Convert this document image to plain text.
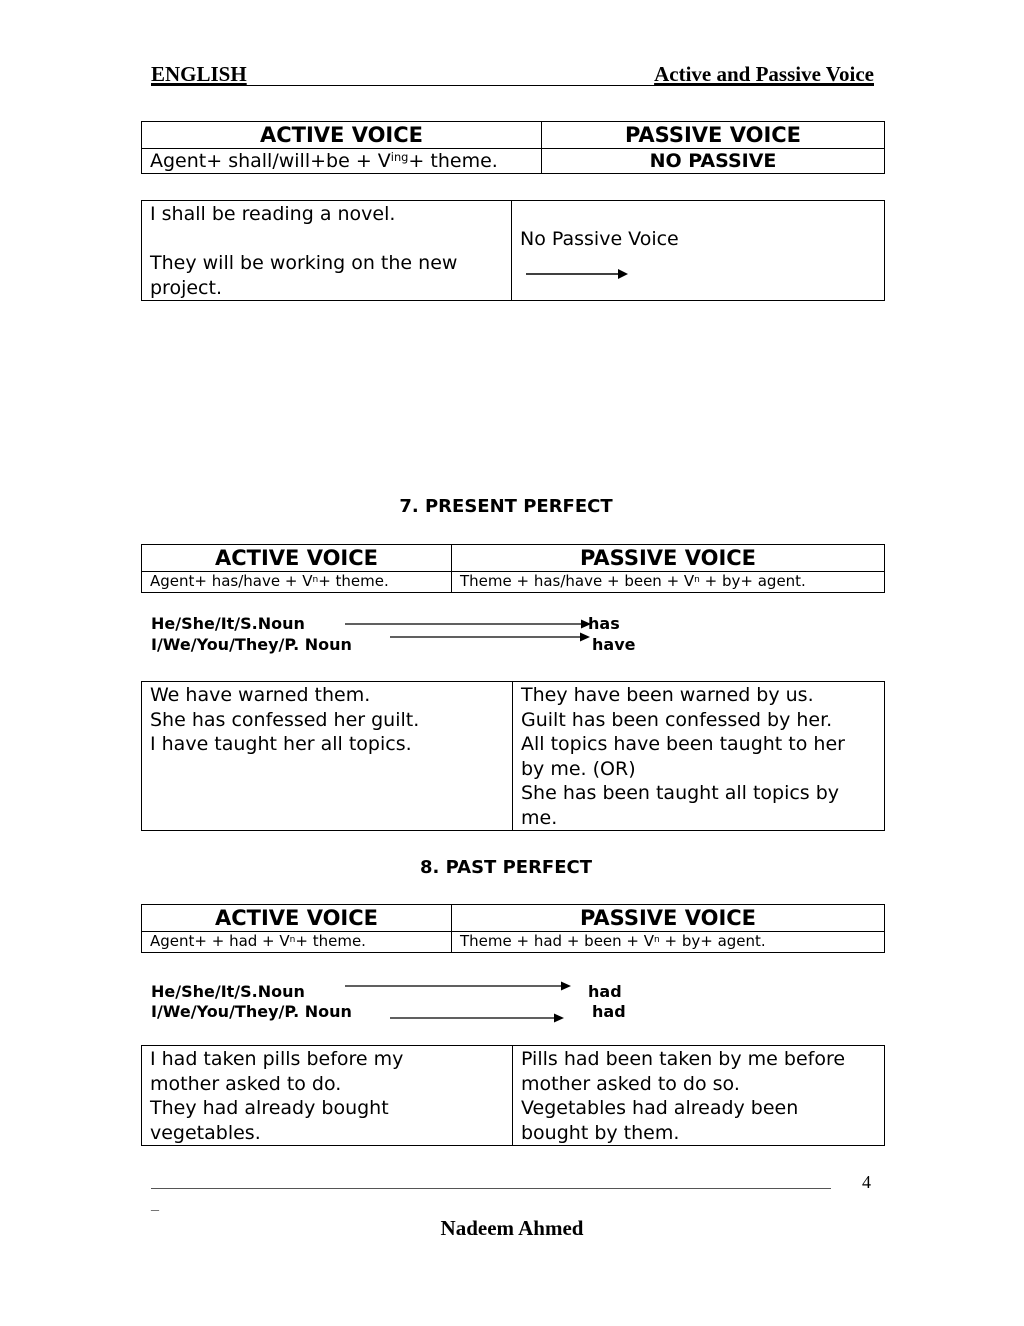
ENGLISH	Active and Passive Voice
ACTIVE VOICE	PASSIVE VOICE
Agent+ shall/will+be + $V^{ing}+$ theme.	NO PASSIVE
I shall be reading a novel.
They will be working on the new
project.

No Passive Voice
7. PRESENT PERFECT
ACTIVE VOICE	PASSIVE VOICE
Agent+ has/have + $V^n+$ theme.	Theme + has/have + been + $V^n + by+$ agent.
He/She/It/S.Noun	has
I/We/You/They/P. Noun	have
We have warned them.
She has confessed her guilt.
I have taught her all topics.

They have been warned by us.
Guilt has been confessed by her.
All topics have been taught to her
by me. (OR)
She has been taught all topics by
me.
8. PAST PERFECT
ACTIVE VOICE	PASSIVE VOICE
Agent+ + had + $V^n+$ theme.	Theme + had + been + $V^n + by+$ agent.
He/She/It/S.Noun	had
I/We/You/They/P. Noun	had
I had taken pills before my
mother asked to do.
They had already bought
vegetables.

Pills had been taken by me before
mother asked to do so.
Vegetables had already been
bought by them.
_
4
Nadeem Ahmed
